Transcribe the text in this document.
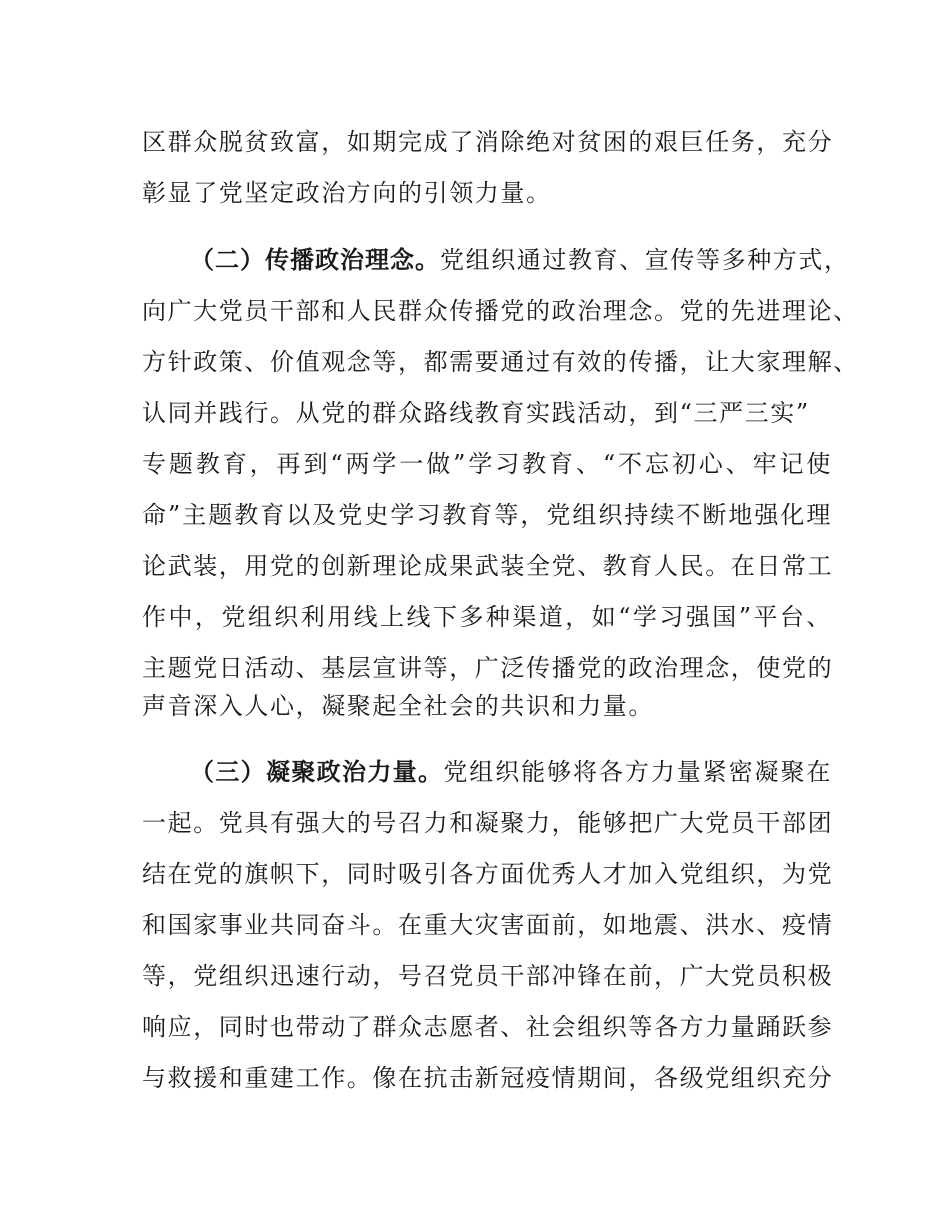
区群众脱贫致富，如期完成了消除绝对贫困的艰巨任务，充分
彰显了党坚定政治方向的引领力量。
（二）传播政治理念。党组织通过教育、宣传等多种方式，
向广大党员干部和人民群众传播党的政治理念。党的先进理论、
方针政策、价值观念等，都需要通过有效的传播，让大家理解、
认同并践行。从党的群众路线教育实践活动，到“三严三实”
专题教育，再到“两学一做”学习教育、“不忘初心、牢记使
命”主题教育以及党史学习教育等，党组织持续不断地强化理
论武装，用党的创新理论成果武装全党、教育人民。在日常工
作中，党组织利用线上线下多种渠道，如“学习强国”平台、
主题党日活动、基层宣讲等，广泛传播党的政治理念，使党的
声音深入人心，凝聚起全社会的共识和力量。
（三）凝聚政治力量。党组织能够将各方力量紧密凝聚在
一起。党具有强大的号召力和凝聚力，能够把广大党员干部团
结在党的旗帜下，同时吸引各方面优秀人才加入党组织，为党
和国家事业共同奋斗。在重大灾害面前，如地震、洪水、疫情
等，党组织迅速行动，号召党员干部冲锋在前，广大党员积极
响应，同时也带动了群众志愿者、社会组织等各方力量踊跃参
与救援和重建工作。像在抗击新冠疫情期间，各级党组织充分
